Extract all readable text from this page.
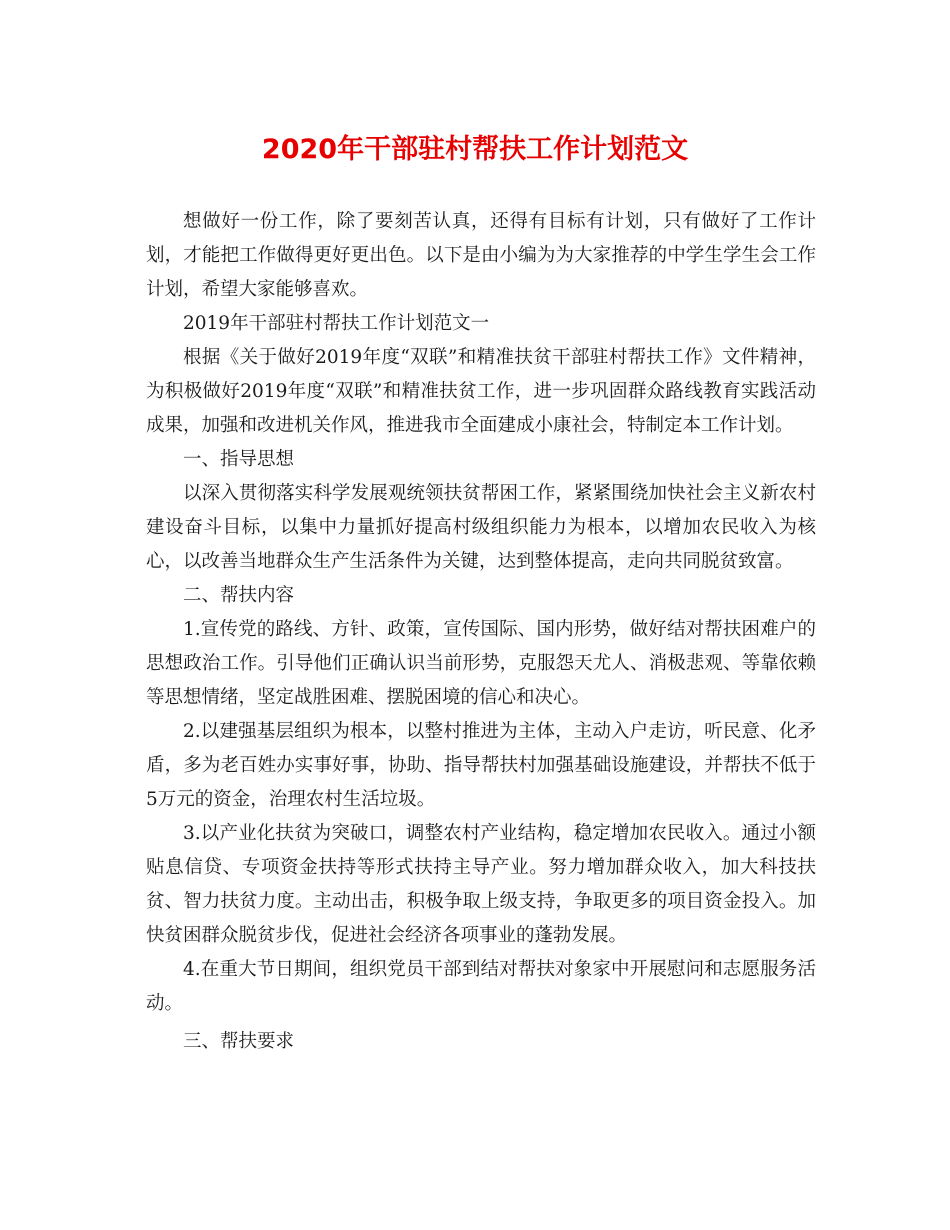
2020年干部驻村帮扶工作计划范文

想做好一份工作，除了要刻苦认真，还得有目标有计划，只有做好了工作计划，才能把工作做得更好更出色。以下是由小编为为大家推荐的中学生学生会工作计划，希望大家能够喜欢。

2019年干部驻村帮扶工作计划范文一

根据《关于做好2019年度“双联”和精准扶贫干部驻村帮扶工作》文件精神，为积极做好2019年度“双联”和精准扶贫工作，进一步巩固群众路线教育实践活动成果，加强和改进机关作风，推进我市全面建成小康社会，特制定本工作计划。

一、指导思想

以深入贯彻落实科学发展观统领扶贫帮困工作，紧紧围绕加快社会主义新农村建设奋斗目标，以集中力量抓好提高村级组织能力为根本，以增加农民收入为核心，以改善当地群众生产生活条件为关键，达到整体提高，走向共同脱贫致富。

二、帮扶内容

1.宣传党的路线、方针、政策，宣传国际、国内形势，做好结对帮扶困难户的思想政治工作。引导他们正确认识当前形势，克服怨天尤人、消极悲观、等靠依赖等思想情绪，坚定战胜困难、摆脱困境的信心和决心。

2.以建强基层组织为根本，以整村推进为主体，主动入户走访，听民意、化矛盾，多为老百姓办实事好事，协助、指导帮扶村加强基础设施建设，并帮扶不低于5万元的资金，治理农村生活垃圾。

3.以产业化扶贫为突破口，调整农村产业结构，稳定增加农民收入。通过小额贴息信贷、专项资金扶持等形式扶持主导产业。努力增加群众收入，加大科技扶贫、智力扶贫力度。主动出击，积极争取上级支持，争取更多的项目资金投入。加快贫困群众脱贫步伐，促进社会经济各项事业的蓬勃发展。

4.在重大节日期间，组织党员干部到结对帮扶对象家中开展慰问和志愿服务活动。

三、帮扶要求
